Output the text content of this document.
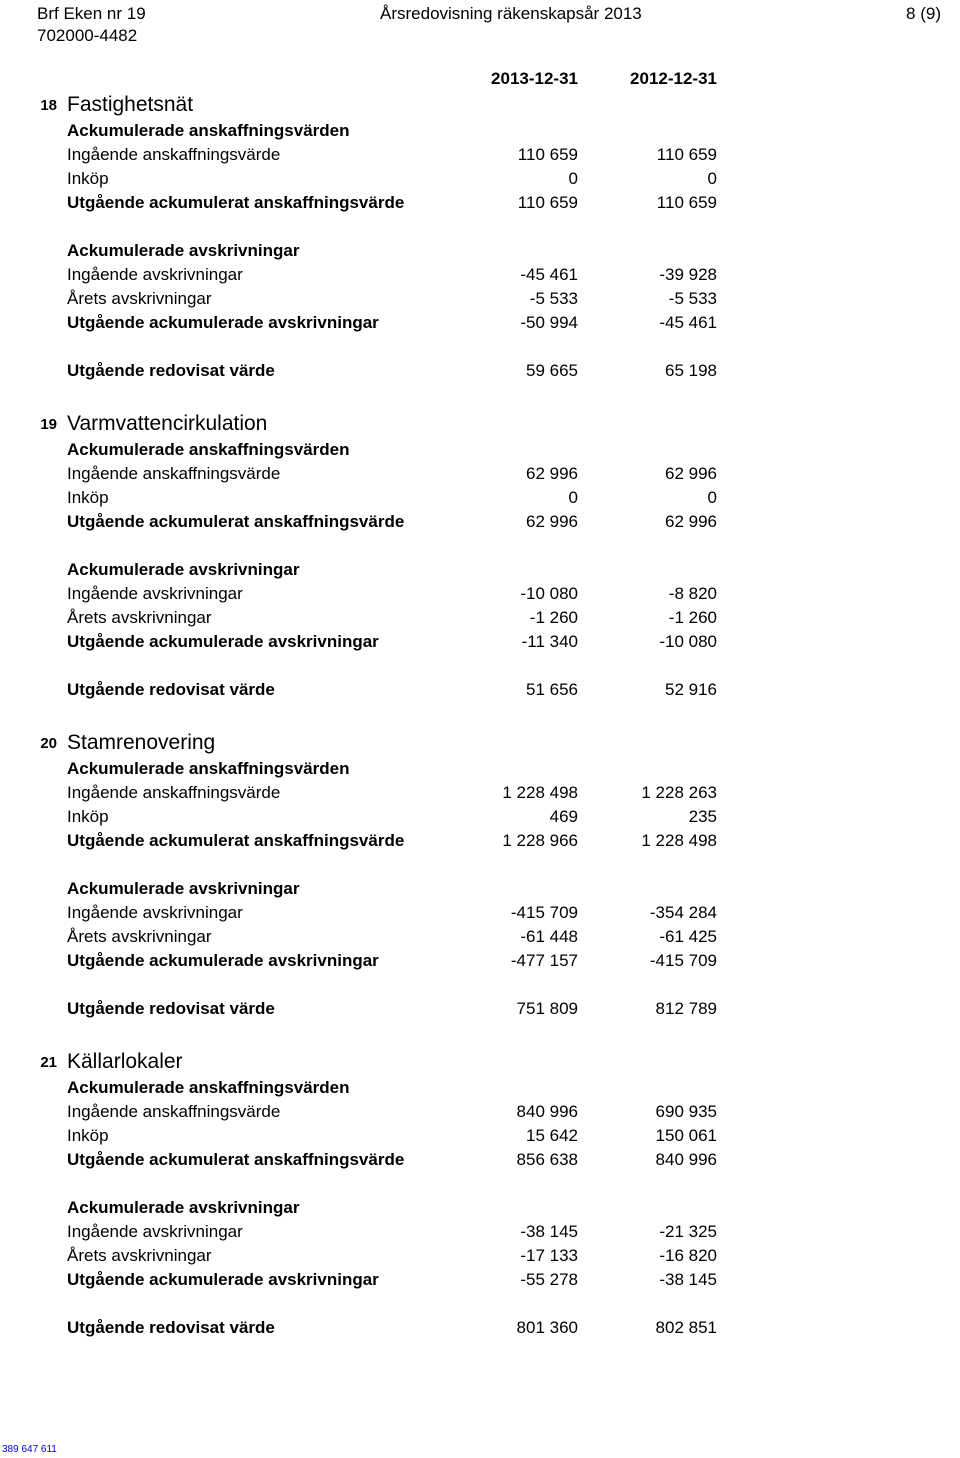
Brf Eken nr 19
702000-4482
Årsredovisning räkenskapsår 2013	8 (9)
2013-12-31	2012-12-31
18 Fastighetsnät
Ackumulerade anskaffningsvärden
Ingående anskaffningsvärde	110 659	110 659
Inköp	0	0
Utgående ackumulerat anskaffningsvärde	110 659	110 659
Ackumulerade avskrivningar
Ingående avskrivningar	-45 461	-39 928
Årets avskrivningar	-5 533	-5 533
Utgående ackumulerade avskrivningar	-50 994	-45 461
Utgående redovisat värde	59 665	65 198
19 Varmvattencirkulation
Ackumulerade anskaffningsvärden
Ingående anskaffningsvärde	62 996	62 996
Inköp	0	0
Utgående ackumulerat anskaffningsvärde	62 996	62 996
Ackumulerade avskrivningar
Ingående avskrivningar	-10 080	-8 820
Årets avskrivningar	-1 260	-1 260
Utgående ackumulerade avskrivningar	-11 340	-10 080
Utgående redovisat värde	51 656	52 916
20 Stamrenovering
Ackumulerade anskaffningsvärden
Ingående anskaffningsvärde	1 228 498	1 228 263
Inköp	469	235
Utgående ackumulerat anskaffningsvärde	1 228 966	1 228 498
Ackumulerade avskrivningar
Ingående avskrivningar	-415 709	-354 284
Årets avskrivningar	-61 448	-61 425
Utgående ackumulerade avskrivningar	-477 157	-415 709
Utgående redovisat värde	751 809	812 789
21 Källarlokaler
Ackumulerade anskaffningsvärden
Ingående anskaffningsvärde	840 996	690 935
Inköp	15 642	150 061
Utgående ackumulerat anskaffningsvärde	856 638	840 996
Ackumulerade avskrivningar
Ingående avskrivningar	-38 145	-21 325
Årets avskrivningar	-17 133	-16 820
Utgående ackumulerade avskrivningar	-55 278	-38 145
Utgående redovisat värde	801 360	802 851
389 647 611
